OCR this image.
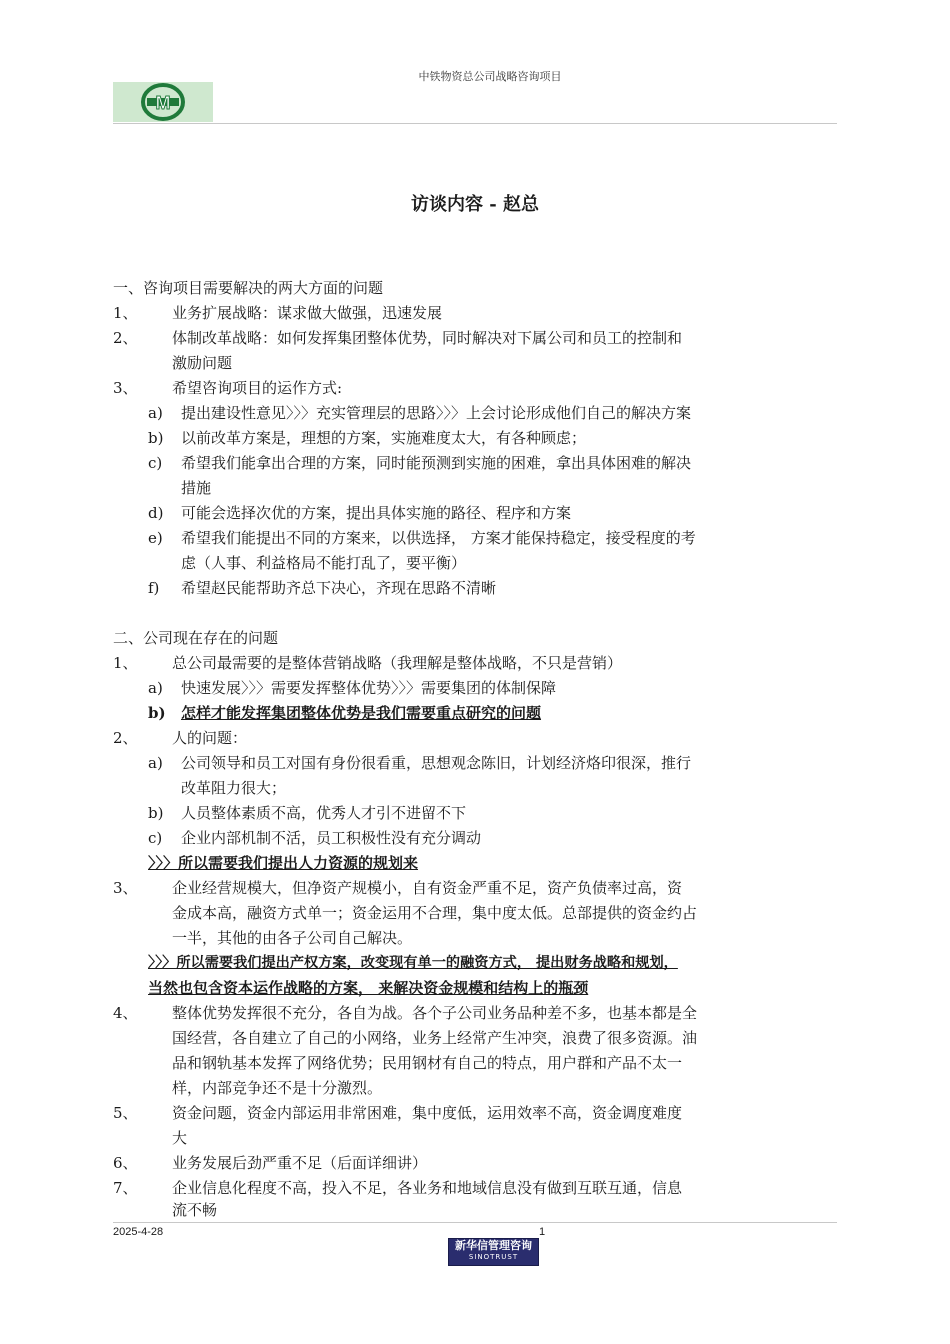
中铁物资总公司战略咨询项目
M
访谈内容 - 赵总
一、咨询项目需要解决的两大方面的问题
1、 业务扩展战略：谋求做大做强，迅速发展
2、 体制改革战略：如何发挥集团整体优势，同时解决对下属公司和员工的控制和
激励问题
3、 希望咨询项目的运作方式:
a) 提出建设性意见〉〉〉充实管理层的思路〉〉〉上会讨论形成他们自己的解决方案
b) 以前改革方案是，理想的方案，实施难度太大，有各种顾虑；
c) 希望我们能拿出合理的方案，同时能预测到实施的困难，拿出具体困难的解决
措施
d) 可能会选择次优的方案，提出具体实施的路径、程序和方案
e) 希望我们能提出不同的方案来，以供选择， 方案才能保持稳定，接受程度的考
虑（人事、利益格局不能打乱了，要平衡）
f) 希望赵民能帮助齐总下决心，齐现在思路不清晰
二、公司现在存在的问题
1、 总公司最需要的是整体营销战略（我理解是整体战略，不只是营销）
a) 快速发展〉〉〉需要发挥整体优势〉〉〉需要集团的体制保障
b) 怎样才能发挥集团整体优势是我们需要重点研究的问题
2、 人的问题：
a) 公司领导和员工对国有身份很看重，思想观念陈旧，计划经济烙印很深，推行
改革阻力很大；
b) 人员整体素质不高，优秀人才引不进留不下
c) 企业内部机制不活，员工积极性没有充分调动
〉〉〉所以需要我们提出人力资源的规划来
3、 企业经营规模大，但净资产规模小，自有资金严重不足，资产负债率过高，资
金成本高，融资方式单一；资金运用不合理，集中度太低。总部提供的资金约占
一半，其他的由各子公司自己解决。
〉〉〉所以需要我们提出产权方案，改变现有单一的融资方式， 提出财务战略和规划，
当然也包含资本运作战略的方案， 来解决资金规模和结构上的瓶颈
4、 整体优势发挥很不充分，各自为战。各个子公司业务品种差不多，也基本都是全
国经营，各自建立了自己的小网络，业务上经常产生冲突，浪费了很多资源。油
品和钢轨基本发挥了网络优势；民用钢材有自己的特点，用户群和产品不太一
样，内部竞争还不是十分激烈。
5、 资金问题，资金内部运用非常困难，集中度低，运用效率不高，资金调度难度
大
6、 业务发展后劲严重不足（后面详细讲）
7、 企业信息化程度不高，投入不足，各业务和地域信息没有做到互联互通，信息
流不畅
2025-4-28	1
新华信管理咨询
SINOTRUST
